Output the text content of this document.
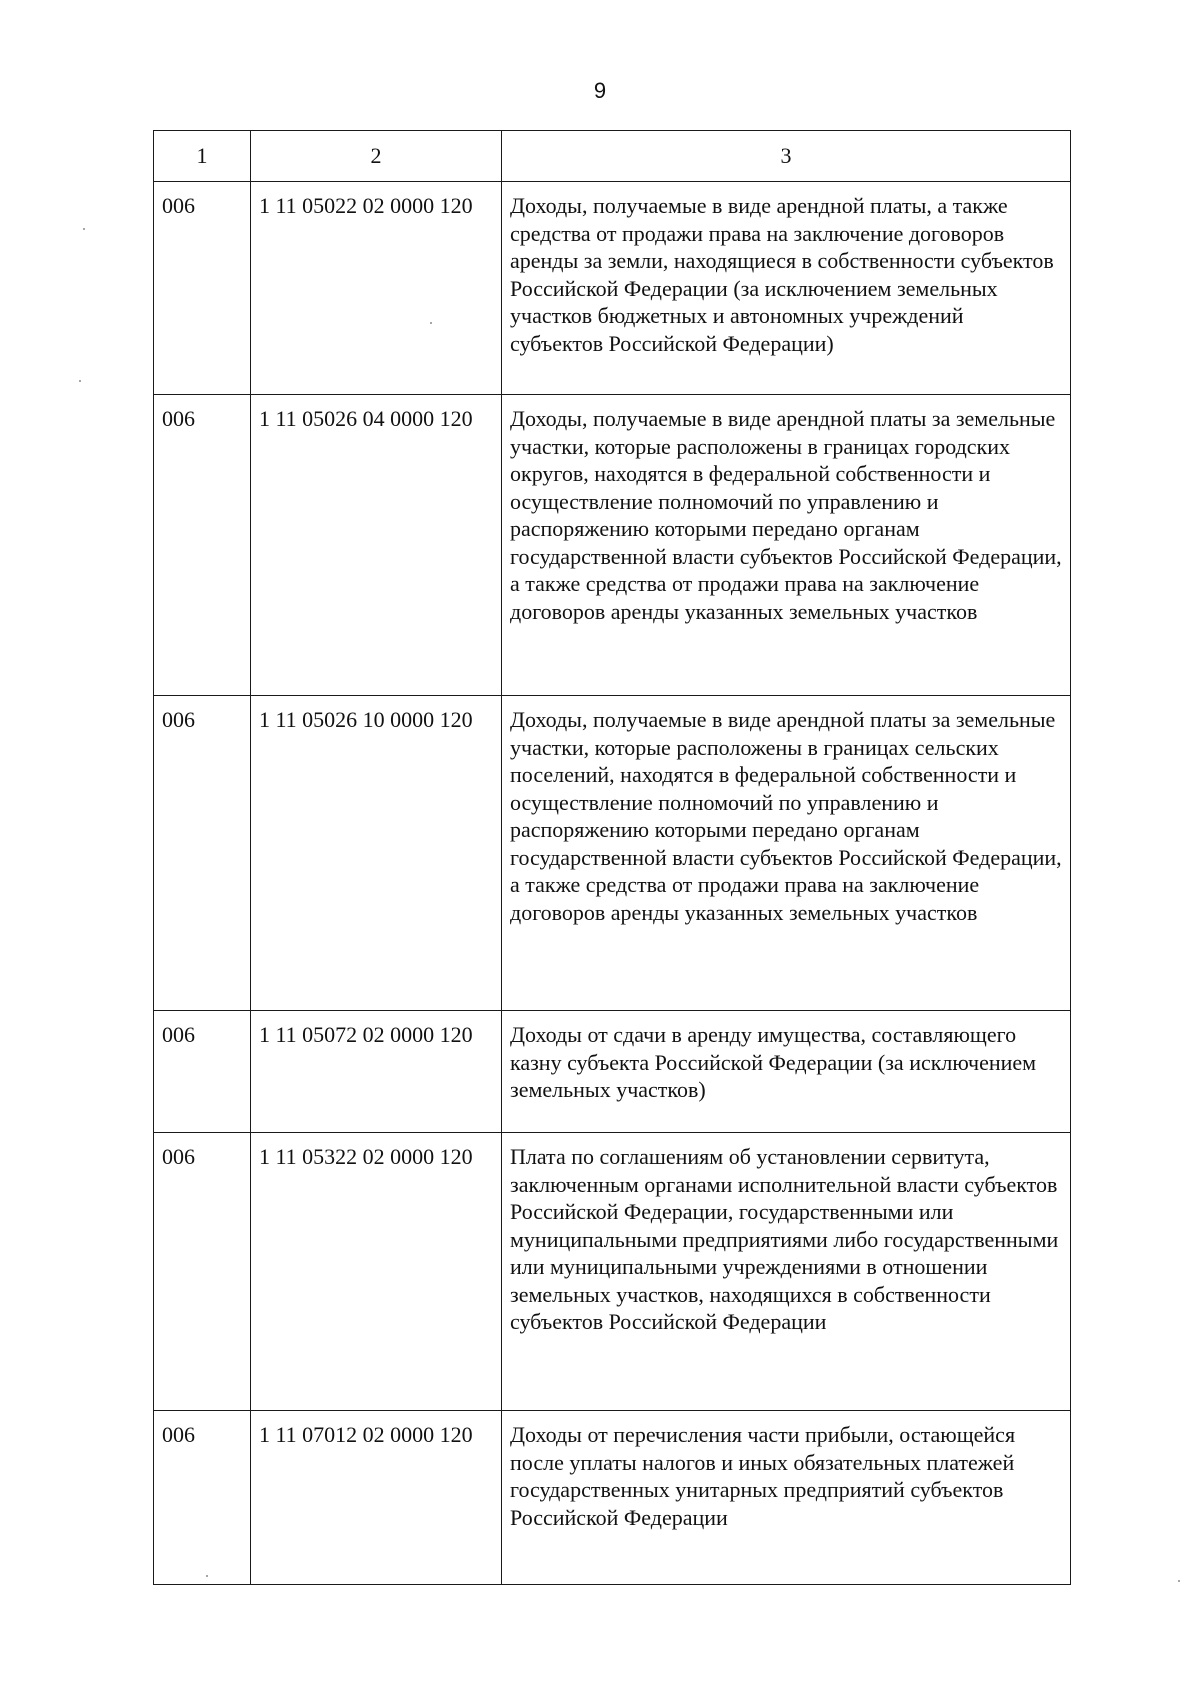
9
1	2	3
006	1 11 05022 02 0000 120	Доходы, получаемые в виде арендной платы, а также средства от продажи права на заключение договоров аренды за земли, находящиеся в собственности субъектов Российской Федерации (за исключением земельных участков бюджетных и автономных учреждений субъектов Российской Федерации)
006	1 11 05026 04 0000 120	Доходы, получаемые в виде арендной платы за земельные участки, которые расположены в границах городских округов, находятся в федеральной собственности и осуществление полномочий по управлению и распоряжению которыми передано органам государственной власти субъектов Российской Федерации, а также средства от продажи права на заключение договоров аренды указанных земельных участков
006	1 11 05026 10 0000 120	Доходы, получаемые в виде арендной платы за земельные участки, которые расположены в границах сельских поселений, находятся в федеральной собственности и осуществление полномочий по управлению и распоряжению которыми передано органам государственной власти субъектов Российской Федерации, а также средства от продажи права на заключение договоров аренды указанных земельных участков
006	1 11 05072 02 0000 120	Доходы от сдачи в аренду имущества, составляющего казну субъекта Российской Федерации (за исключением земельных участков)
006	1 11 05322 02 0000 120	Плата по соглашениям об установлении сервитута, заключенным органами исполнительной власти субъектов Российской Федерации, государственными или муниципальными предприятиями либо государственными или муниципальными учреждениями в отношении земельных участков, находящихся в собственности субъектов Российской Федерации
006	1 11 07012 02 0000 120	Доходы от перечисления части прибыли, остающейся после уплаты налогов и иных обязательных платежей государственных унитарных предприятий субъектов Российской Федерации
